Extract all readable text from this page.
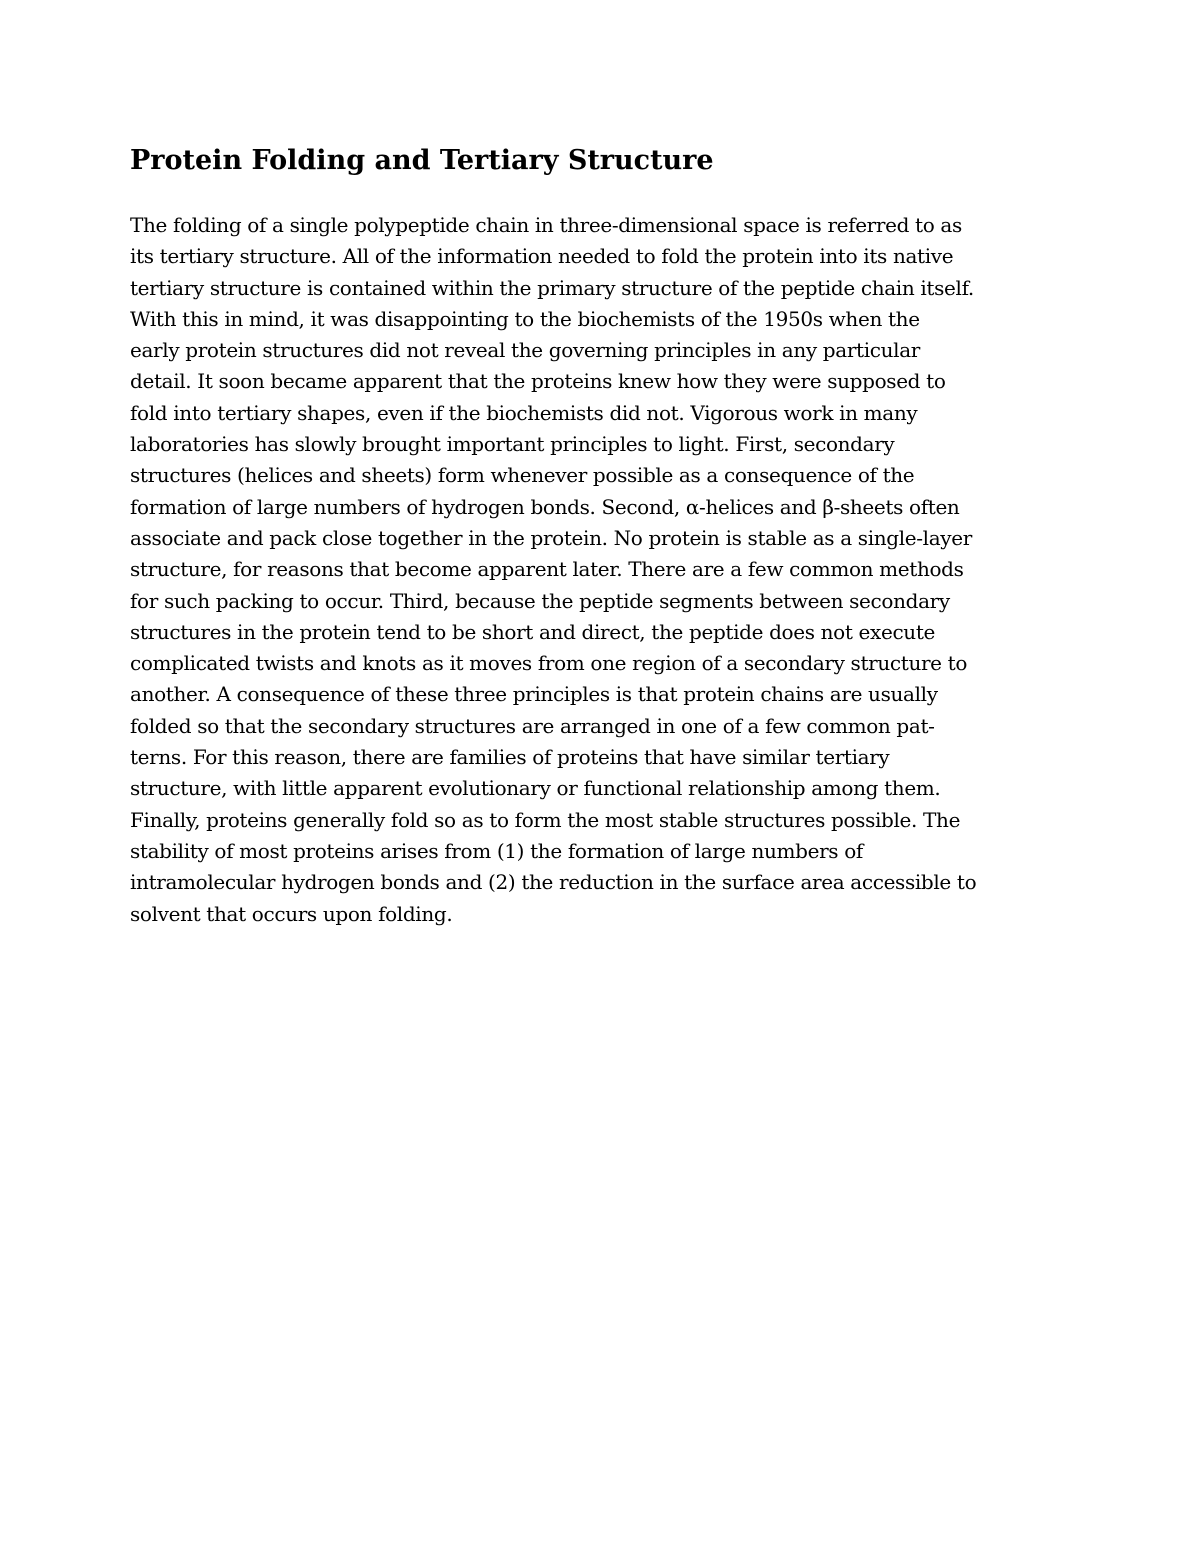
Protein Folding and Tertiary Structure
The folding of a single polypeptide chain in three-dimensional space is referred to as
its tertiary structure. All of the information needed to fold the protein into its native
tertiary structure is contained within the primary structure of the peptide chain itself.
With this in mind, it was disappointing to the biochemists of the 1950s when the
early protein structures did not reveal the governing principles in any particular
detail. It soon became apparent that the proteins knew how they were supposed to
fold into tertiary shapes, even if the biochemists did not. Vigorous work in many
laboratories has slowly brought important principles to light. First, secondary
structures (helices and sheets) form whenever possible as a consequence of the
formation of large numbers of hydrogen bonds. Second, α-helices and β-sheets often
associate and pack close together in the protein. No protein is stable as a single-layer
structure, for reasons that become apparent later. There are a few common methods
for such packing to occur. Third, because the peptide segments between secondary
structures in the protein tend to be short and direct, the peptide does not execute
complicated twists and knots as it moves from one region of a secondary structure to
another. A consequence of these three principles is that protein chains are usually
folded so that the secondary structures are arranged in one of a few common pat-
terns. For this reason, there are families of proteins that have similar tertiary
structure, with little apparent evolutionary or functional relationship among them.
Finally, proteins generally fold so as to form the most stable structures possible. The
stability of most proteins arises from (1) the formation of large numbers of
intramolecular hydrogen bonds and (2) the reduction in the surface area accessible to
solvent that occurs upon folding.
